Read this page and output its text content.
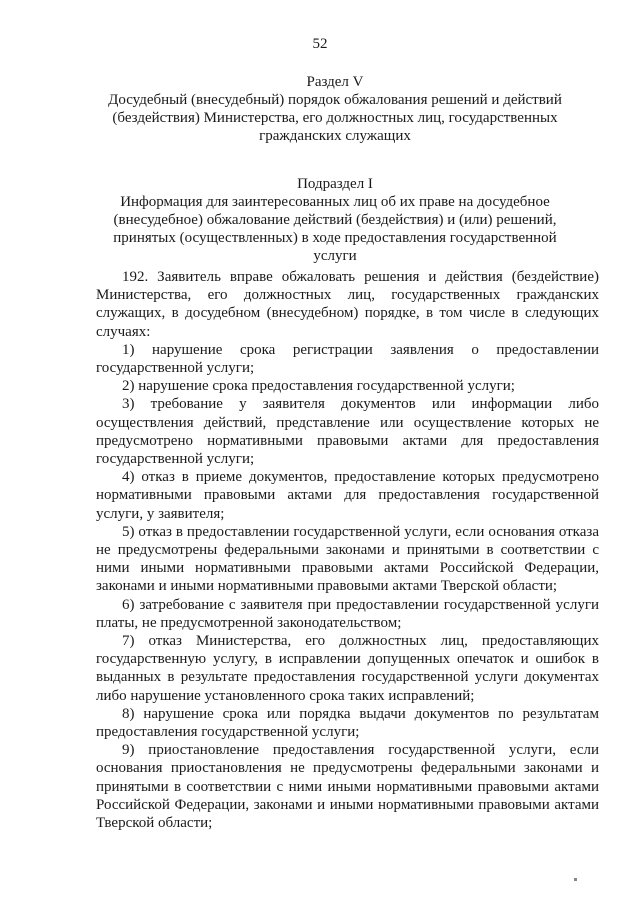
52
Раздел V
Досудебный (внесудебный) порядок обжалования решений и действий (бездействия) Министерства, его должностных лиц, государственных гражданских служащих
Подраздел I
Информация для заинтересованных лиц об их праве на досудебное (внесудебное) обжалование действий (бездействия) и (или) решений, принятых (осуществленных) в ходе предоставления государственной услуги

192. Заявитель вправе обжаловать решения и действия (бездействие) Министерства, его должностных лиц, государственных гражданских служащих, в досудебном (внесудебном) порядке, в том числе в следующих случаях:

1) нарушение срока регистрации заявления о предоставлении государственной услуги;

2) нарушение срока предоставления государственной услуги;

3) требование у заявителя документов или информации либо осуществления действий, представление или осуществление которых не предусмотрено нормативными правовыми актами для предоставления государственной услуги;

4) отказ в приеме документов, предоставление которых предусмотрено нормативными правовыми актами для предоставления государственной услуги, у заявителя;

5) отказ в предоставлении государственной услуги, если основания отказа не предусмотрены федеральными законами и принятыми в соответствии с ними иными нормативными правовыми актами Российской Федерации, законами и иными нормативными правовыми актами Тверской области;

6) затребование с заявителя при предоставлении государственной услуги платы, не предусмотренной законодательством;

7) отказ Министерства, его должностных лиц, предоставляющих государственную услугу, в исправлении допущенных опечаток и ошибок в выданных в результате предоставления государственной услуги документах либо нарушение установленного срока таких исправлений;

8) нарушение срока или порядка выдачи документов по результатам предоставления государственной услуги;

9) приостановление предоставления государственной услуги, если основания приостановления не предусмотрены федеральными законами и принятыми в соответствии с ними иными нормативными правовыми актами Российской Федерации, законами и иными нормативными правовыми актами Тверской области;
